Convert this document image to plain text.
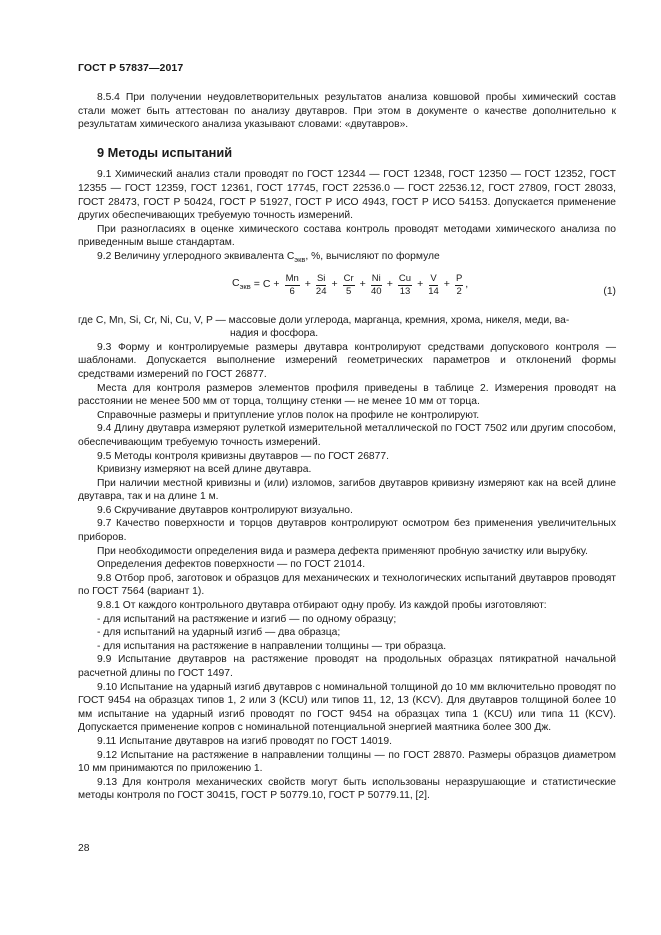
ГОСТ Р 57837—2017

8.5.4 При получении неудовлетворительных результатов анализа ковшовой пробы химический состав стали может быть аттестован по анализу двутавров. При этом в документе о качестве дополнительно к результатам химического анализа указывают словами: «двутавров».

9 Методы испытаний

9.1 Химический анализ стали проводят по ГОСТ 12344 — ГОСТ 12348, ГОСТ 12350 — ГОСТ 12352, ГОСТ 12355 — ГОСТ 12359, ГОСТ 12361, ГОСТ 17745, ГОСТ 22536.0 — ГОСТ 22536.12, ГОСТ 27809, ГОСТ 28033, ГОСТ 28473, ГОСТ Р 50424, ГОСТ Р 51927, ГОСТ Р ИСО 4943, ГОСТ Р ИСО 54153. Допускается применение других обеспечивающих требуемую точность измерений.

При разногласиях в оценке химического состава контроль проводят методами химического анализа по приведенным выше стандартам.

9.2 Величину углеродного эквивалента $С_{экв}$, %, вычисляют по формуле

$С_{экв} = С + \frac{Mn}{6} + \frac{Si}{24} + \frac{Cr}{5} + \frac{Ni}{40} + \frac{Cu}{13} + \frac{V}{14} + \frac{P}{2}$ ,
(1)

где C, Mn, Si, Cr, Ni, Cu, V, P — массовые доли углерода, марганца, кремния, хрома, никеля, меди, ва-
надия и фосфора.

9.3 Форму и контролируемые размеры двутавра контролируют средствами допускового контроля — шаблонами. Допускается выполнение измерений геометрических параметров и отклонений формы средствами измерений по ГОСТ 26877.

Места для контроля размеров элементов профиля приведены в таблице 2. Измерения проводят на расстоянии не менее 500 мм от торца, толщину стенки — не менее 10 мм от торца.

Справочные размеры и притупление углов полок на профиле не контролируют.

9.4 Длину двутавра измеряют рулеткой измерительной металлической по ГОСТ 7502 или другим способом, обеспечивающим требуемую точность измерений.

9.5 Методы контроля кривизны двутавров — по ГОСТ 26877.

Кривизну измеряют на всей длине двутавра.

При наличии местной кривизны и (или) изломов, загибов двутавров кривизну измеряют как на всей длине двутавра, так и на длине 1 м.

9.6 Скручивание двутавров контролируют визуально.

9.7 Качество поверхности и торцов двутавров контролируют осмотром без применения увеличительных приборов.

При необходимости определения вида и размера дефекта применяют пробную зачистку или вырубку.

Определения дефектов поверхности — по ГОСТ 21014.

9.8 Отбор проб, заготовок и образцов для механических и технологических испытаний двутавров проводят по ГОСТ 7564 (вариант 1).

9.8.1 От каждого контрольного двутавра отбирают одну пробу. Из каждой пробы изготовляют:

- для испытаний на растяжение и изгиб — по одному образцу;

- для испытаний на ударный изгиб — два образца;

- для испытания на растяжение в направлении толщины — три образца.

9.9 Испытание двутавров на растяжение проводят на продольных образцах пятикратной начальной расчетной длины по ГОСТ 1497.

9.10 Испытание на ударный изгиб двутавров с номинальной толщиной до 10 мм включительно проводят по ГОСТ 9454 на образцах типов 1, 2 или 3 (KCU) или типов 11, 12, 13 (KCV). Для двутавров толщиной более 10 мм испытание на ударный изгиб проводят по ГОСТ 9454 на образцах типа 1 (KCU) или типа 11 (KCV). Допускается применение копров с номинальной потенциальной энергией маятника более 300 Дж.

9.11 Испытание двутавров на изгиб проводят по ГОСТ 14019.

9.12 Испытание на растяжение в направлении толщины — по ГОСТ 28870. Размеры образцов диаметром 10 мм принимаются по приложению 1.

9.13 Для контроля механических свойств могут быть использованы неразрушающие и статистические методы контроля по ГОСТ 30415, ГОСТ Р 50779.10, ГОСТ Р 50779.11, [2].

28
